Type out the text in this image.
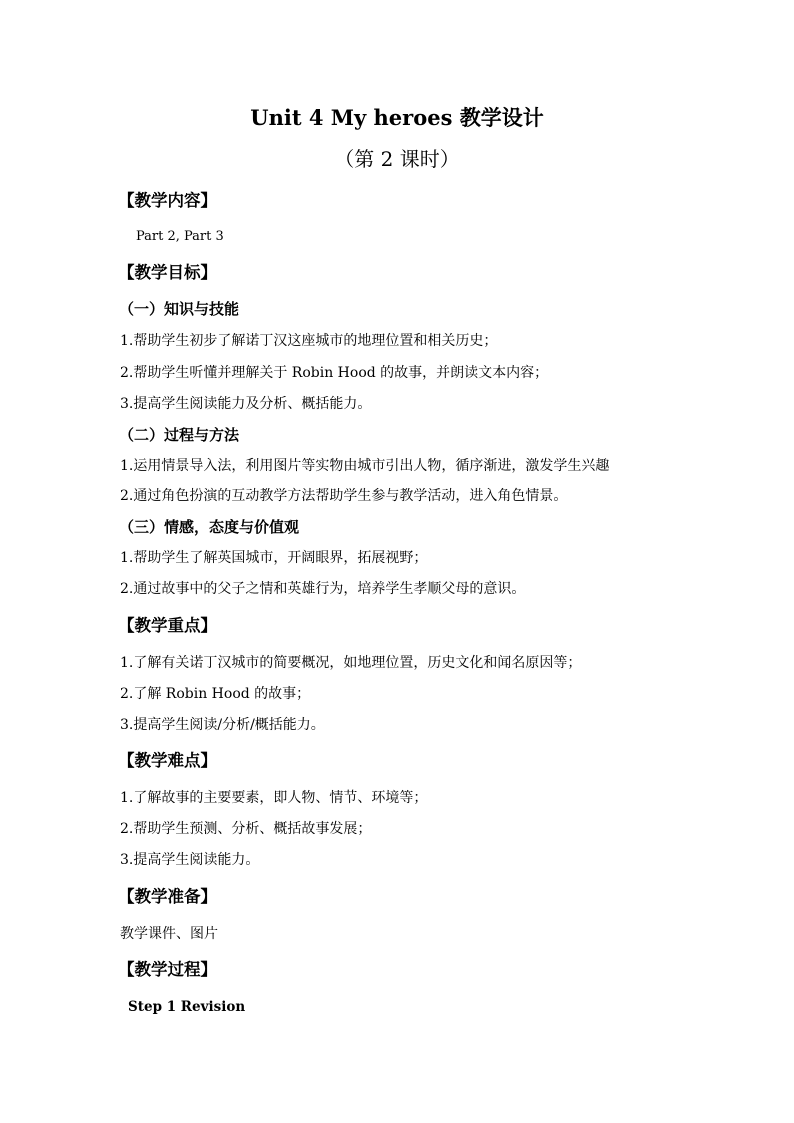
Unit 4 My heroes 教学设计
（第 2 课时）
【教学内容】
Part 2, Part 3
【教学目标】
（一）知识与技能
1.帮助学生初步了解诺丁汉这座城市的地理位置和相关历史；
2.帮助学生听懂并理解关于 Robin Hood 的故事，并朗读文本内容；
3.提高学生阅读能力及分析、概括能力。
（二）过程与方法
1.运用情景导入法，利用图片等实物由城市引出人物，循序渐进，激发学生兴趣
2.通过角色扮演的互动教学方法帮助学生参与教学活动，进入角色情景。
（三）情感，态度与价值观
1.帮助学生了解英国城市，开阔眼界，拓展视野；
2.通过故事中的父子之情和英雄行为，培养学生孝顺父母的意识。
【教学重点】
1.了解有关诺丁汉城市的简要概况，如地理位置，历史文化和闻名原因等；
2.了解 Robin Hood 的故事；
3.提高学生阅读/分析/概括能力。
【教学难点】
1.了解故事的主要要素，即人物、情节、环境等；
2.帮助学生预测、分析、概括故事发展；
3.提高学生阅读能力。
【教学准备】
教学课件、图片
【教学过程】
Step 1 Revision
